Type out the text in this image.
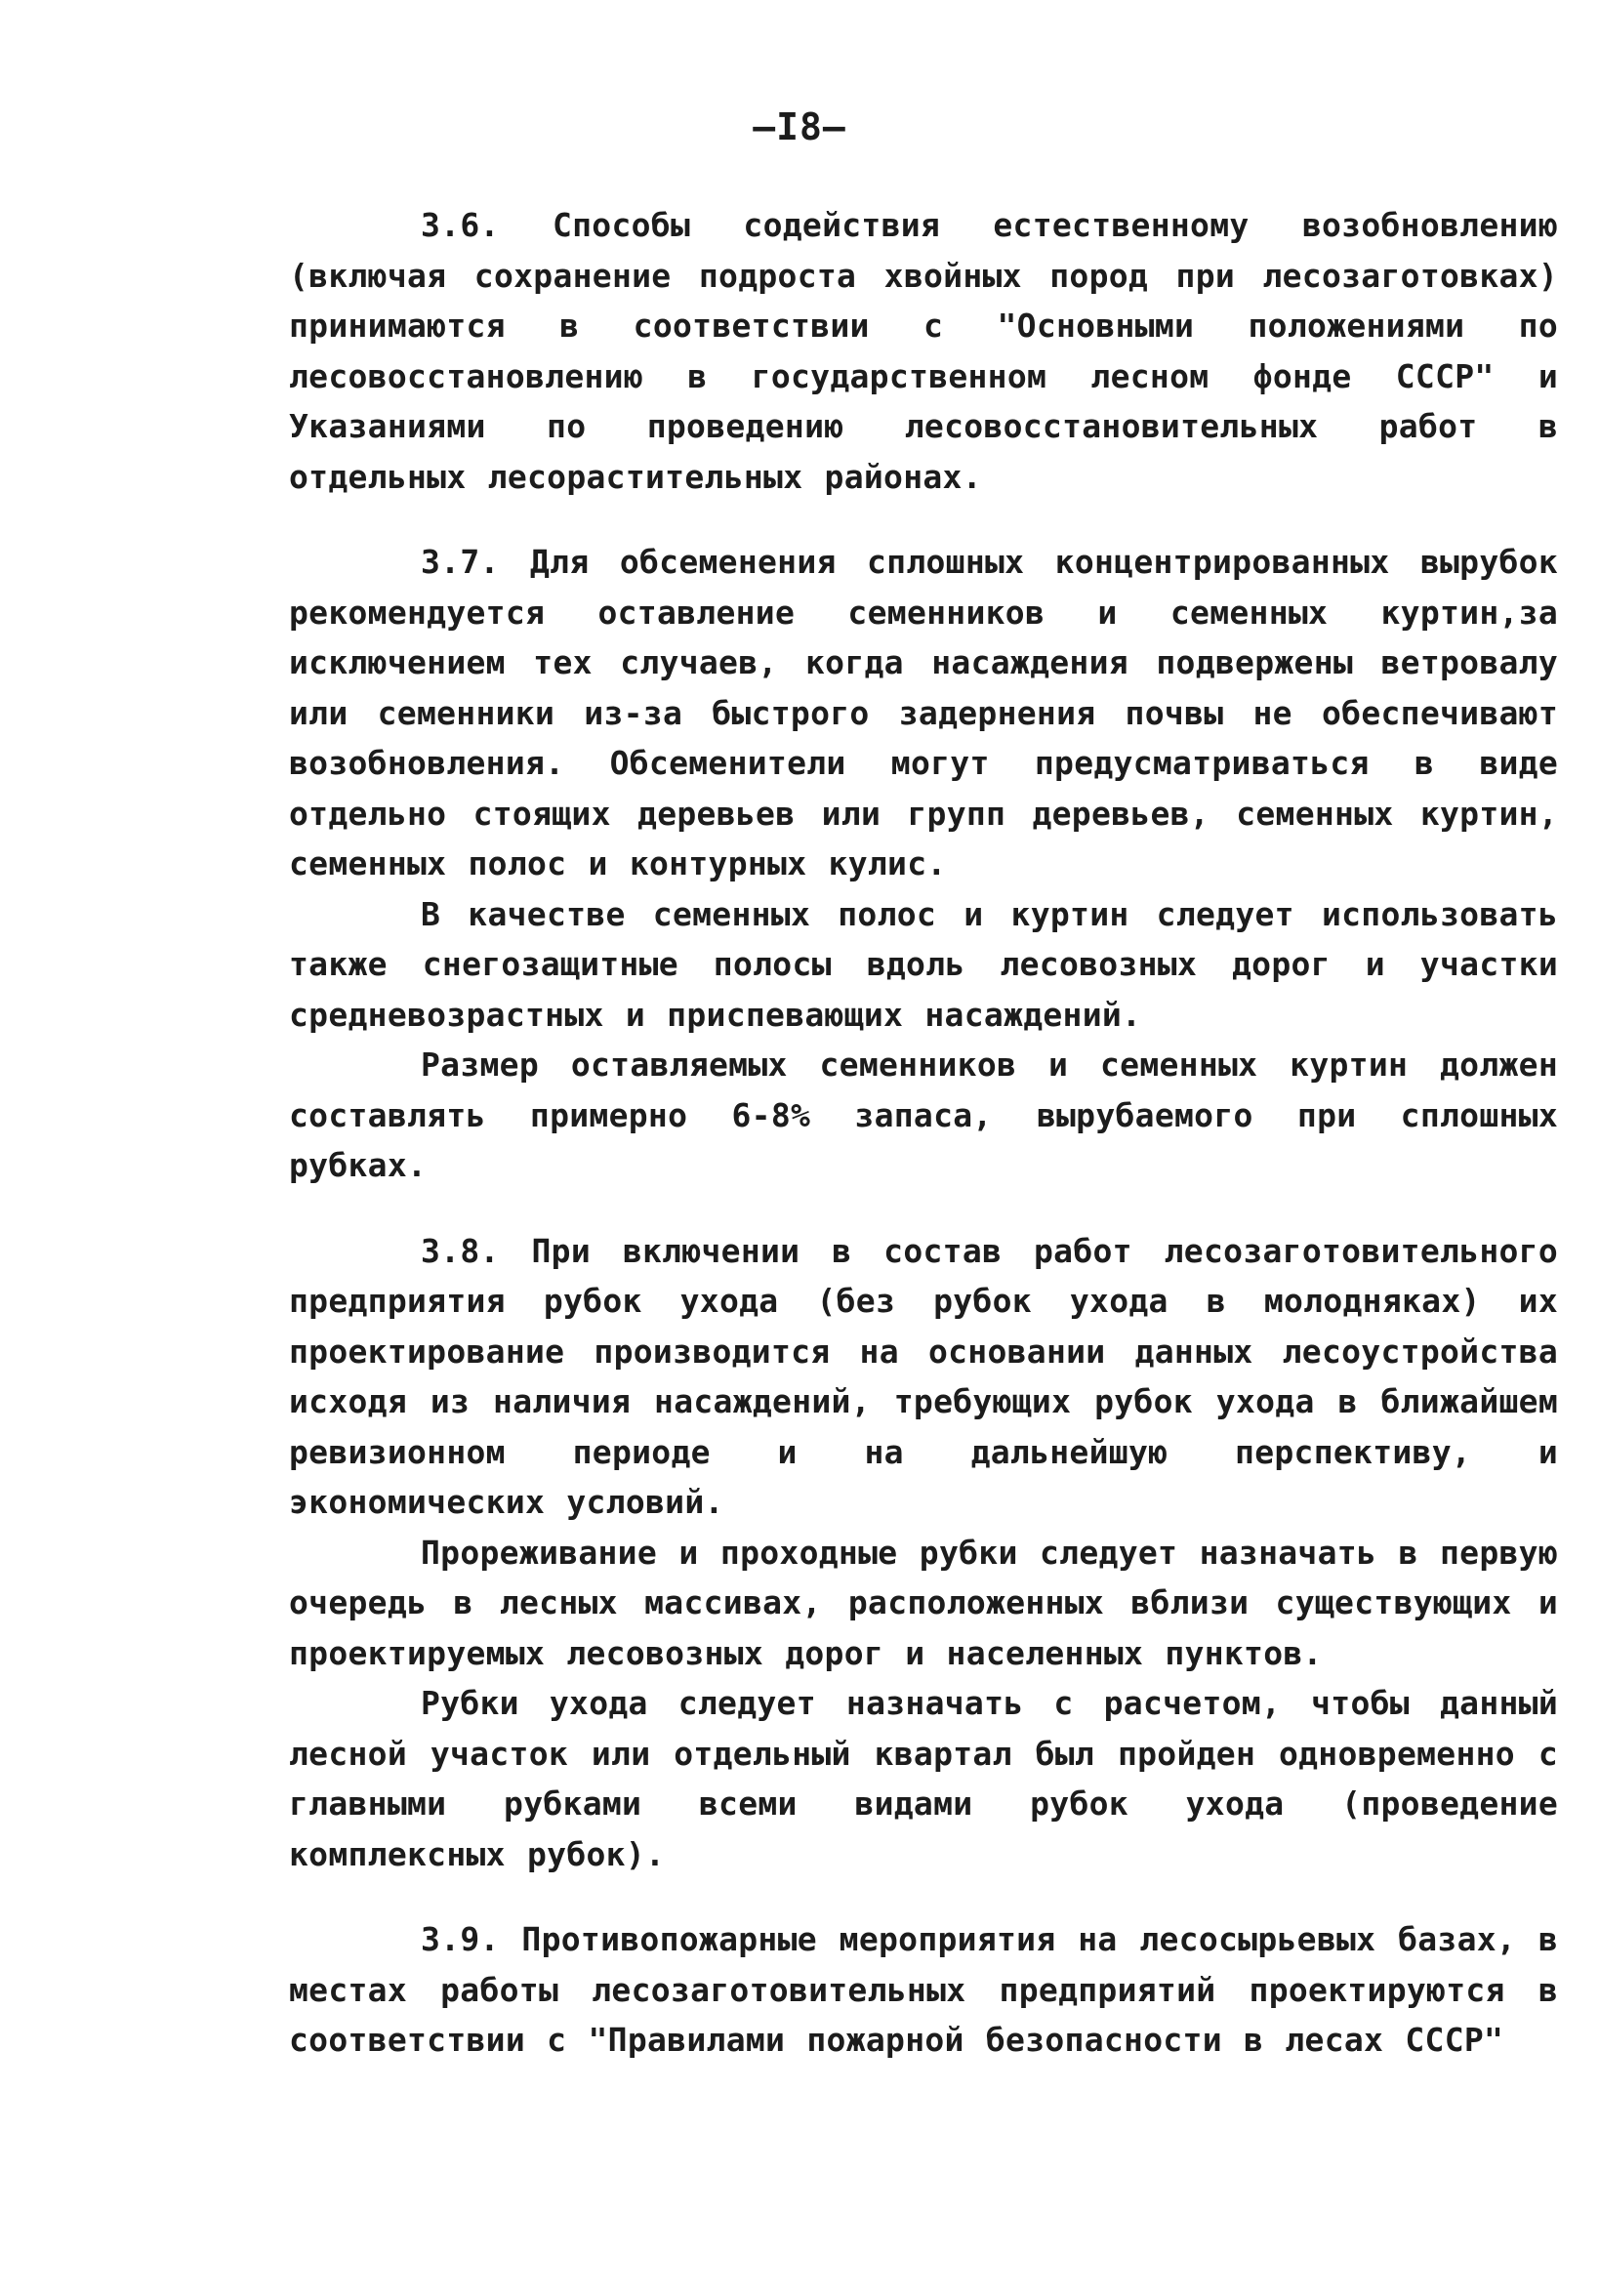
—I8—

3.6. Способы содействия естественному возобновлению (включая сохранение подроста хвойных пород при лесозаготовках) принимаются в соответствии с "Основными положениями по лесовосстановлению в государственном лесном фонде СССР" и Указаниями по проведению лесовосстановительных работ в отдельных лесорастительных районах.

3.7. Для обсеменения сплошных концентрированных вырубок рекомендуется оставление семенников и семенных куртин,за исключением тех случаев, когда насаждения подвержены ветровалу или семенники из-за быстрого задернения почвы не обеспечивают возобновления. Обсеменители могут предусматриваться в виде отдельно стоящих деревьев или групп деревьев, семенных куртин, семенных полос и контурных кулис.

В качестве семенных полос и куртин следует использовать также снегозащитные полосы вдоль лесовозных дорог и участки средневозрастных и приспевающих насаждений.

Размер оставляемых семенников и семенных куртин должен составлять примерно 6-8% запаса, вырубаемого при сплошных рубках.

3.8. При включении в состав работ лесозаготовительного предприятия рубок ухода (без рубок ухода в молодняках) их проектирование производится на основании данных лесоустройства исходя из наличия насаждений, требующих рубок ухода в ближайшем ревизионном периоде и на дальнейшую перспективу, и экономических условий.

Прореживание и проходные рубки следует назначать в первую очередь в лесных массивах, расположенных вблизи существующих и проектируемых лесовозных дорог и населенных пунктов.

Рубки ухода следует назначать с расчетом, чтобы данный лесной участок или отдельный квартал был пройден одновременно с главными рубками всеми видами рубок ухода (проведение комплексных рубок).

3.9. Противопожарные мероприятия на лесосырьевых базах, в местах работы лесозаготовительных предприятий проектируются в соответствии с "Правилами пожарной безопасности в лесах СССР"
